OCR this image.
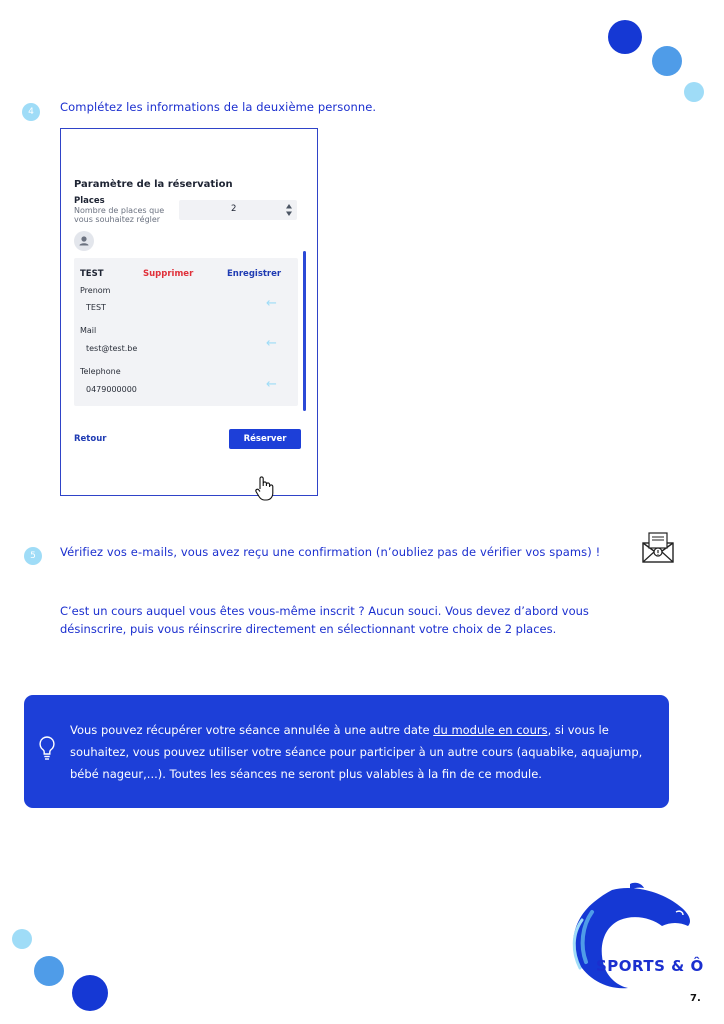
4 Complétez les informations de la deuxième personne.
Paramètre de la réservation
Places
Nombre de places que vous souhaitez régler
2
TEST	Supprimer	Enregistrer
Prenom
TEST	←
Mail
test@test.be	←
Telephone
0479000000	←
Retour	Réserver
5 Vérifiez vos e-mails, vous avez reçu une confirmation (n’oubliez pas de vérifier vos spams) !
C’est un cours auquel vous êtes vous-même inscrit ? Aucun souci. Vous devez d’abord vous
désinscrire, puis vous réinscrire directement en sélectionnant votre choix de 2 places.
Vous pouvez récupérer votre séance annulée à une autre date du module en cours, si vous le souhaitez, vous pouvez utiliser votre séance pour participer à un autre cours (aquabike, aquajump, bébé nageur,...). Toutes les séances ne seront plus valables à la fin de ce module.
SPORTS & Ô
7.
